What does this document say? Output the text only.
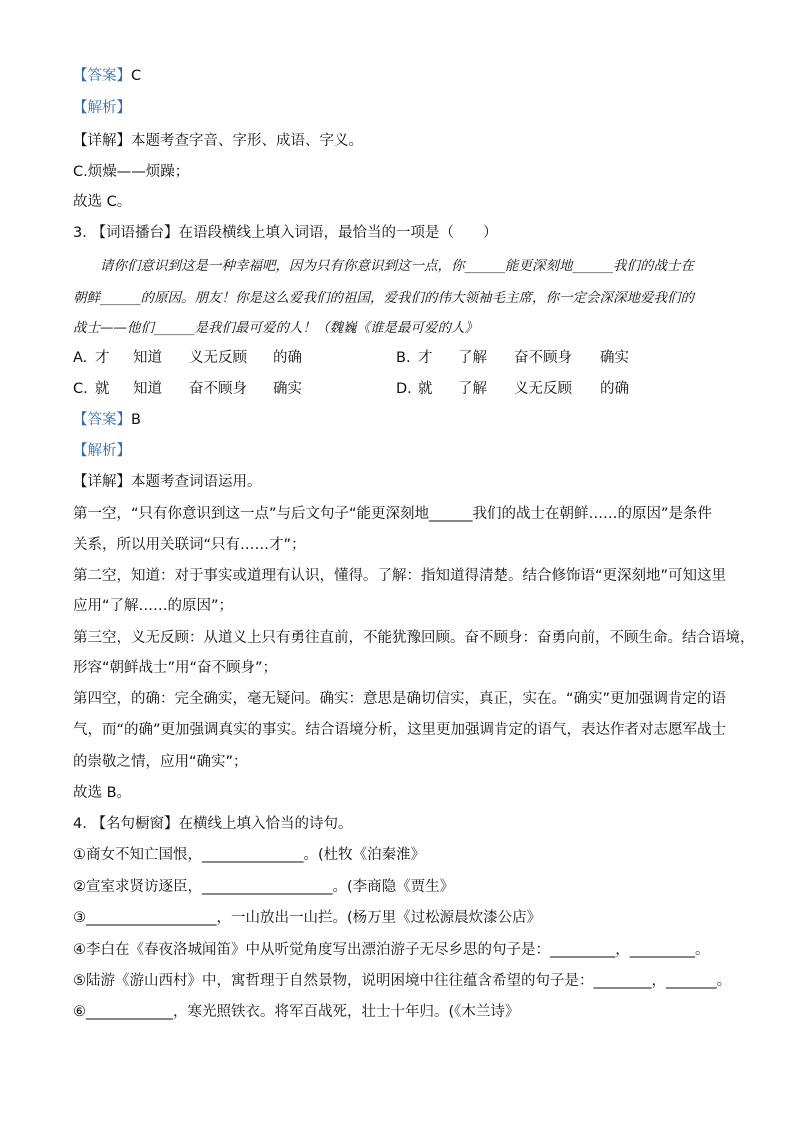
【答案】C
【解析】
【详解】本题考查字音、字形、成语、字义。
C.烦燥——烦躁；
故选 C。
3. 【词语播台】在语段横线上填入词语，最恰当的一项是（　　）
请你们意识到这是一种幸福吧，因为只有你意识到这一点，你______能更深刻地______我们的战士在
朝鲜______的原因。朋友！你是这么爱我们的祖国，爱我们的伟大领袖毛主席，你一定会深深地爱我们的
战士——他们______是我们最可爱的人！（魏巍《谁是最可爱的人》
A. 才 知道 义无反顾 的确	B. 才 了解 奋不顾身 确实
C. 就 知道 奋不顾身 确实	D. 就 了解 义无反顾 的确
【答案】B
【解析】
【详解】本题考查词语运用。
第一空，“只有你意识到这一点”与后文句子“能更深刻地______我们的战士在朝鲜……的原因”是条件
关系，所以用关联词“只有……才”；
第二空，知道：对于事实或道理有认识，懂得。了解：指知道得清楚。结合修饰语“更深刻地”可知这里
应用“了解……的原因”；
第三空，义无反顾：从道义上只有勇往直前，不能犹豫回顾。奋不顾身：奋勇向前，不顾生命。结合语境，
形容“朝鲜战士”用“奋不顾身”；
第四空，的确：完全确实，毫无疑问。确实：意思是确切信实，真正，实在。“确实”更加强调肯定的语
气，而“的确”更加强调真实的事实。结合语境分析，这里更加强调肯定的语气，表达作者对志愿军战士
的崇敬之情，应用“确实”；
故选 B。
4. 【名句橱窗】在横线上填入恰当的诗句。
①商女不知亡国恨，______________。(杜牧《泊秦淮》
②宣室求贤访逐臣，__________________。(李商隐《贾生》
③__________________，一山放出一山拦。(杨万里《过松源晨炊漆公店》
④李白在《春夜洛城闻笛》中从听觉角度写出漂泊游子无尽乡思的句子是：_________，_________。
⑤陆游《游山西村》中，寓哲理于自然景物，说明困境中往往蕴含希望的句子是：________，_______。
⑥____________，寒光照铁衣。将军百战死，壮士十年归。(《木兰诗》
